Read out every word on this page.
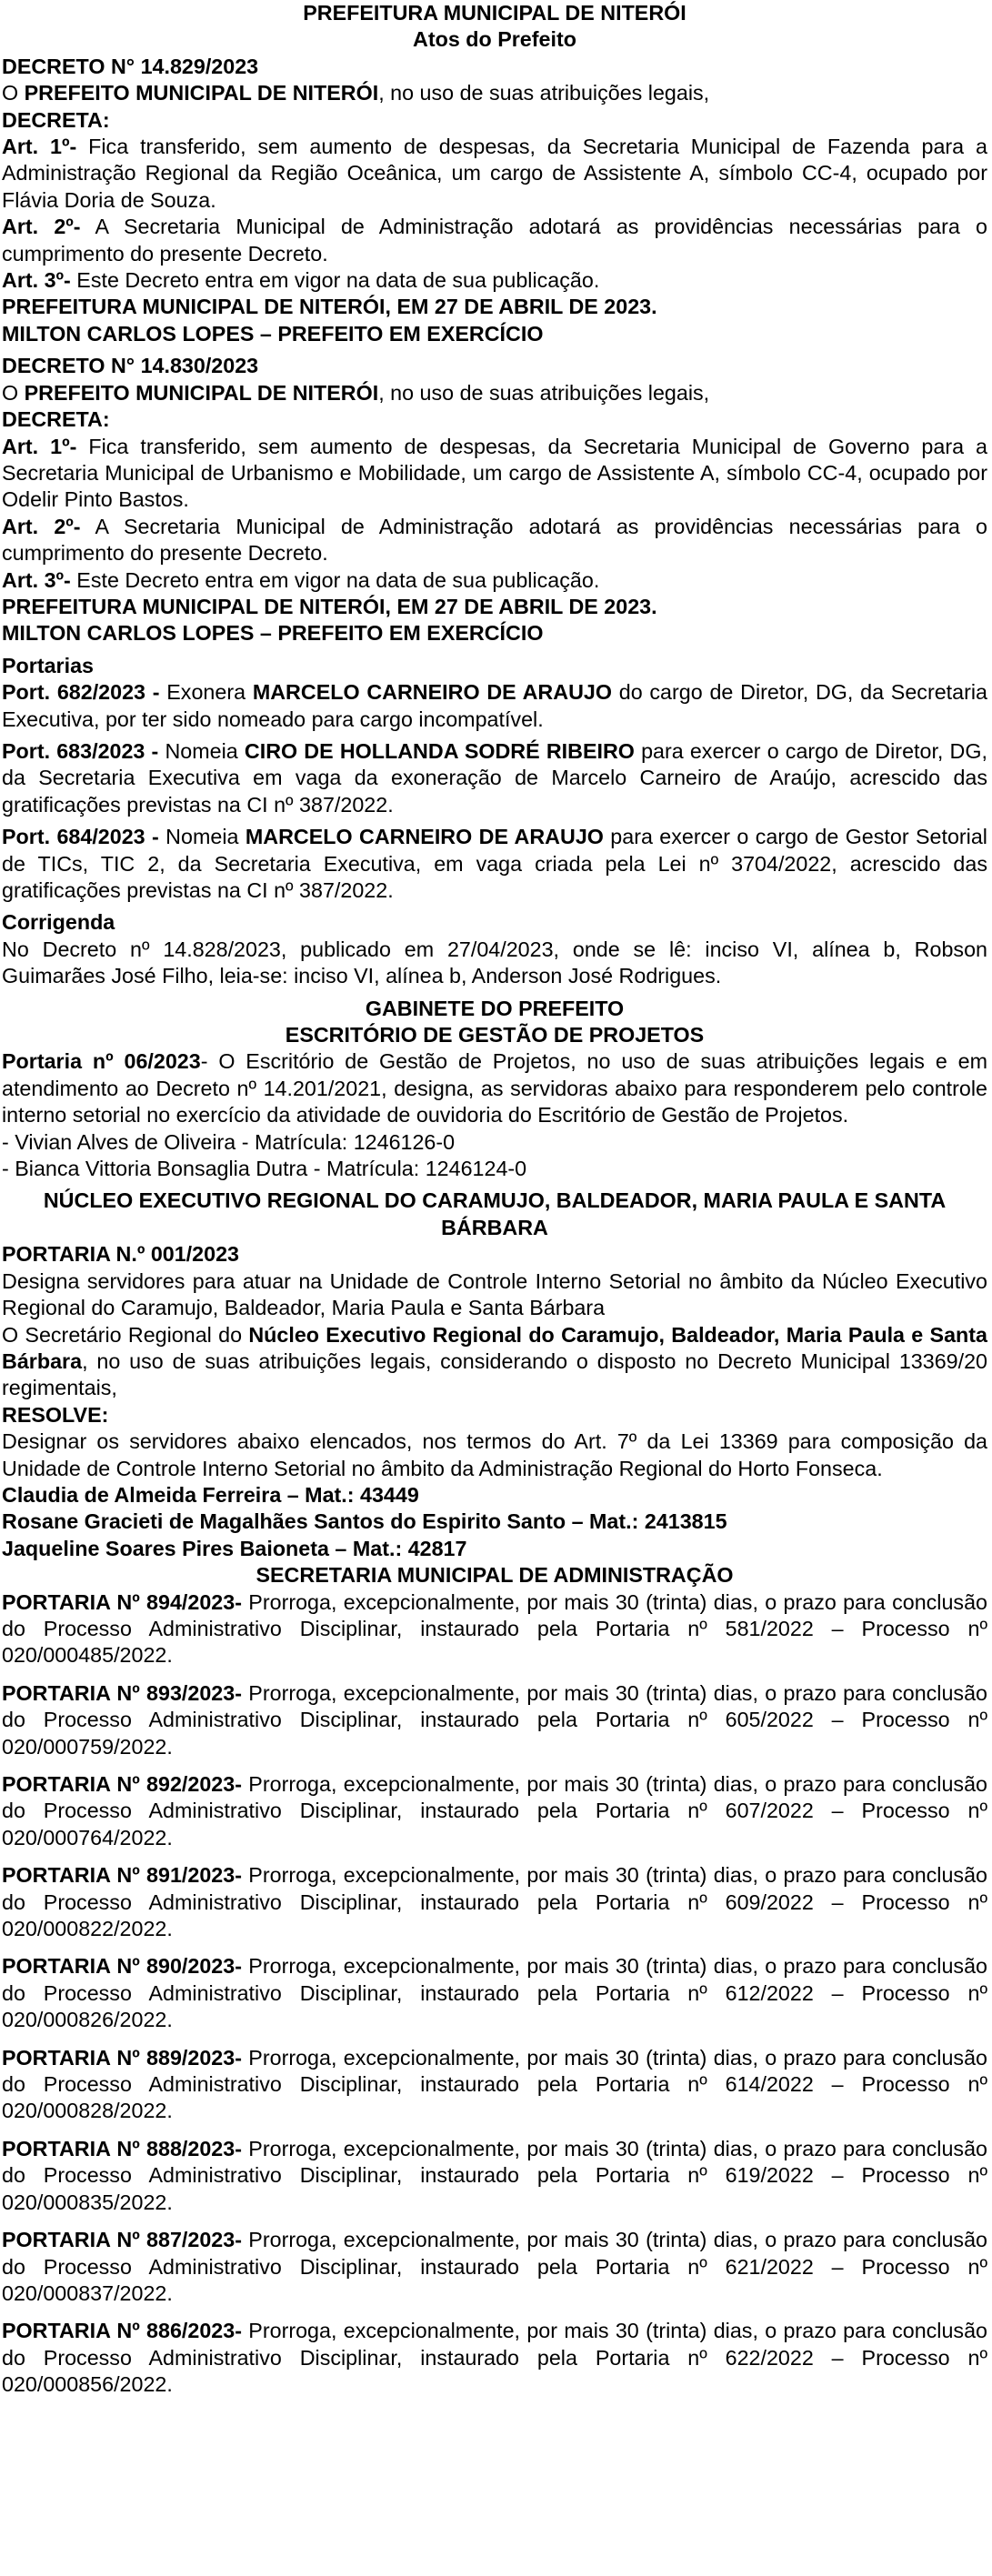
PREFEITURA MUNICIPAL DE NITERÓI

Atos do Prefeito

DECRETO N° 14.829/2023

O PREFEITO MUNICIPAL DE NITERÓI, no uso de suas atribuições legais,

DECRETA:

Art. 1º- Fica transferido, sem aumento de despesas, da Secretaria Municipal de Fazenda para a Administração Regional da Região Oceânica, um cargo de Assistente A, símbolo CC-4, ocupado por Flávia Doria de Souza.

Art. 2º- A Secretaria Municipal de Administração adotará as providências necessárias para o cumprimento do presente Decreto.

Art. 3º- Este Decreto entra em vigor na data de sua publicação.

PREFEITURA MUNICIPAL DE NITERÓI, EM 27 DE ABRIL DE 2023.

MILTON CARLOS LOPES – PREFEITO EM EXERCÍCIO

DECRETO N° 14.830/2023

O PREFEITO MUNICIPAL DE NITERÓI, no uso de suas atribuições legais,

DECRETA:

Art. 1º- Fica transferido, sem aumento de despesas, da Secretaria Municipal de Governo para a Secretaria Municipal de Urbanismo e Mobilidade, um cargo de Assistente A, símbolo CC-4, ocupado por Odelir Pinto Bastos.

Art. 2º- A Secretaria Municipal de Administração adotará as providências necessárias para o cumprimento do presente Decreto.

Art. 3º- Este Decreto entra em vigor na data de sua publicação.

PREFEITURA MUNICIPAL DE NITERÓI, EM 27 DE ABRIL DE 2023.

MILTON CARLOS LOPES – PREFEITO EM EXERCÍCIO

Portarias

Port. 682/2023 - Exonera MARCELO CARNEIRO DE ARAUJO do cargo de Diretor, DG, da Secretaria Executiva, por ter sido nomeado para cargo incompatível.

Port. 683/2023 - Nomeia CIRO DE HOLLANDA SODRÉ RIBEIRO para exercer o cargo de Diretor, DG, da Secretaria Executiva em vaga da exoneração de Marcelo Carneiro de Araújo, acrescido das gratificações previstas na CI nº 387/2022.

Port. 684/2023 - Nomeia MARCELO CARNEIRO DE ARAUJO para exercer o cargo de Gestor Setorial de TICs, TIC 2, da Secretaria Executiva, em vaga criada pela Lei nº 3704/2022, acrescido das gratificações previstas na CI nº 387/2022.

Corrigenda

No Decreto nº 14.828/2023, publicado em 27/04/2023, onde se lê: inciso VI, alínea b, Robson Guimarães José Filho, leia-se: inciso VI, alínea b, Anderson José Rodrigues.

GABINETE DO PREFEITO

ESCRITÓRIO DE GESTÃO DE PROJETOS

Portaria nº 06/2023- O Escritório de Gestão de Projetos, no uso de suas atribuições legais e em atendimento ao Decreto nº 14.201/2021, designa, as servidoras abaixo para responderem pelo controle interno setorial no exercício da atividade de ouvidoria do Escritório de Gestão de Projetos.

- Vivian Alves de Oliveira - Matrícula: 1246126-0

- Bianca Vittoria Bonsaglia Dutra - Matrícula: 1246124-0

NÚCLEO EXECUTIVO REGIONAL DO CARAMUJO, BALDEADOR, MARIA PAULA E SANTA BÁRBARA

PORTARIA N.º 001/2023

Designa servidores para atuar na Unidade de Controle Interno Setorial no âmbito da Núcleo Executivo Regional do Caramujo, Baldeador, Maria Paula e Santa Bárbara

O Secretário Regional do Núcleo Executivo Regional do Caramujo, Baldeador, Maria Paula e Santa Bárbara, no uso de suas atribuições legais, considerando o disposto no Decreto Municipal 13369/20 regimentais,

RESOLVE:

Designar os servidores abaixo elencados, nos termos do Art. 7º da Lei 13369 para composição da Unidade de Controle Interno Setorial no âmbito da Administração Regional do Horto Fonseca.

Claudia de Almeida Ferreira – Mat.: 43449

Rosane Gracieti de Magalhães Santos do Espirito Santo – Mat.: 2413815

Jaqueline Soares Pires Baioneta – Mat.: 42817

SECRETARIA MUNICIPAL DE ADMINISTRAÇÃO

PORTARIA Nº 894/2023- Prorroga, excepcionalmente, por mais 30 (trinta) dias, o prazo para conclusão do Processo Administrativo Disciplinar, instaurado pela Portaria nº 581/2022 – Processo nº 020/000485/2022.

PORTARIA Nº 893/2023- Prorroga, excepcionalmente, por mais 30 (trinta) dias, o prazo para conclusão do Processo Administrativo Disciplinar, instaurado pela Portaria nº 605/2022 – Processo nº 020/000759/2022.

PORTARIA Nº 892/2023- Prorroga, excepcionalmente, por mais 30 (trinta) dias, o prazo para conclusão do Processo Administrativo Disciplinar, instaurado pela Portaria nº 607/2022 – Processo nº 020/000764/2022.

PORTARIA Nº 891/2023- Prorroga, excepcionalmente, por mais 30 (trinta) dias, o prazo para conclusão do Processo Administrativo Disciplinar, instaurado pela Portaria nº 609/2022 – Processo nº 020/000822/2022.

PORTARIA Nº 890/2023- Prorroga, excepcionalmente, por mais 30 (trinta) dias, o prazo para conclusão do Processo Administrativo Disciplinar, instaurado pela Portaria nº 612/2022 – Processo nº 020/000826/2022.

PORTARIA Nº 889/2023- Prorroga, excepcionalmente, por mais 30 (trinta) dias, o prazo para conclusão do Processo Administrativo Disciplinar, instaurado pela Portaria nº 614/2022 – Processo nº 020/000828/2022.

PORTARIA Nº 888/2023- Prorroga, excepcionalmente, por mais 30 (trinta) dias, o prazo para conclusão do Processo Administrativo Disciplinar, instaurado pela Portaria nº 619/2022 – Processo nº 020/000835/2022.

PORTARIA Nº 887/2023- Prorroga, excepcionalmente, por mais 30 (trinta) dias, o prazo para conclusão do Processo Administrativo Disciplinar, instaurado pela Portaria nº 621/2022 – Processo nº 020/000837/2022.

PORTARIA Nº 886/2023- Prorroga, excepcionalmente, por mais 30 (trinta) dias, o prazo para conclusão do Processo Administrativo Disciplinar, instaurado pela Portaria nº 622/2022 – Processo nº 020/000856/2022.
